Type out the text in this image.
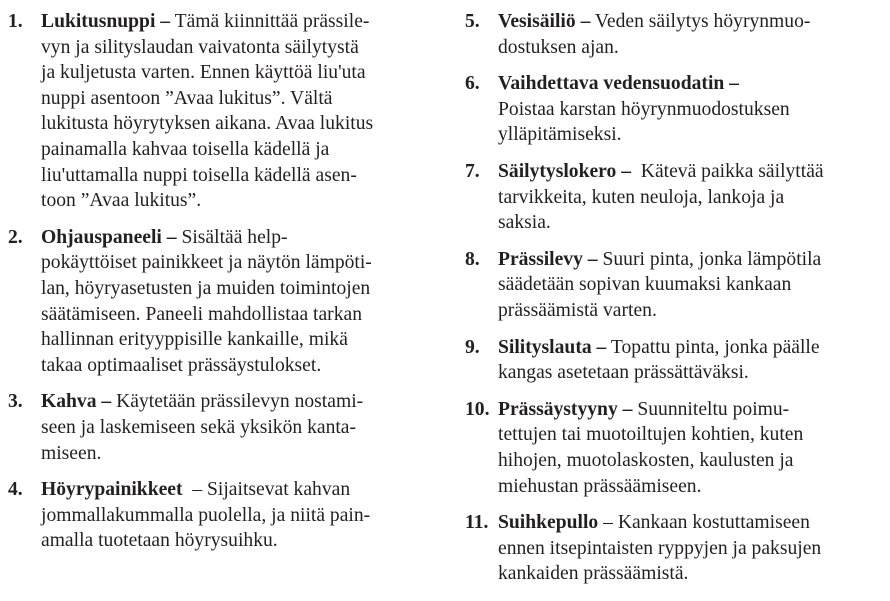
1. Lukitusnuppi – Tämä kiinnittää prässile-
vyn ja silityslaudan vaivatonta säilytystä
ja kuljetusta varten. Ennen käyttöä liu'uta
nuppi asentoon ”Avaa lukitus”. Vältä
lukitusta höyrytyksen aikana. Avaa lukitus
painamalla kahvaa toisella kädellä ja
liu'uttamalla nuppi toisella kädellä asen-
toon ”Avaa lukitus”.
2. Ohjauspaneeli – Sisältää help-
pokäyttöiset painikkeet ja näytön lämpöti-
lan, höyryasetusten ja muiden toimintojen
säätämiseen. Paneeli mahdollistaa tarkan
hallinnan erityyppisille kankaille, mikä
takaa optimaaliset prässäystulokset.
3. Kahva – Käytetään prässilevyn nostami-
seen ja laskemiseen sekä yksikön kanta-
miseen.
4. Höyrypainikkeet  – Sijaitsevat kahvan
jommallakummalla puolella, ja niitä pain-
amalla tuotetaan höyrysuihku.
5. Vesisäiliö – Veden säilytys höyrynmuo-
dostuksen ajan.
6. Vaihdettava vedensuodatin –
Poistaa karstan höyrynmuodostuksen
ylläpitämiseksi.
7. Säilytyslokero –  Kätevä paikka säilyttää
tarvikkeita, kuten neuloja, lankoja ja
saksia.
8. Prässilevy – Suuri pinta, jonka lämpötila
säädetään sopivan kuumaksi kankaan
prässäämistä varten.
9. Silityslauta – Topattu pinta, jonka päälle
kangas asetetaan prässättäväksi.
10. Prässäystyyny – Suunniteltu poimu-
tettujen tai muotoiltujen kohtien, kuten
hihojen, muotolaskosten, kaulusten ja
miehustan prässäämiseen.
11. Suihkepullo – Kankaan kostuttamiseen
ennen itsepintaisten ryppyjen ja paksujen
kankaiden prässäämistä.
